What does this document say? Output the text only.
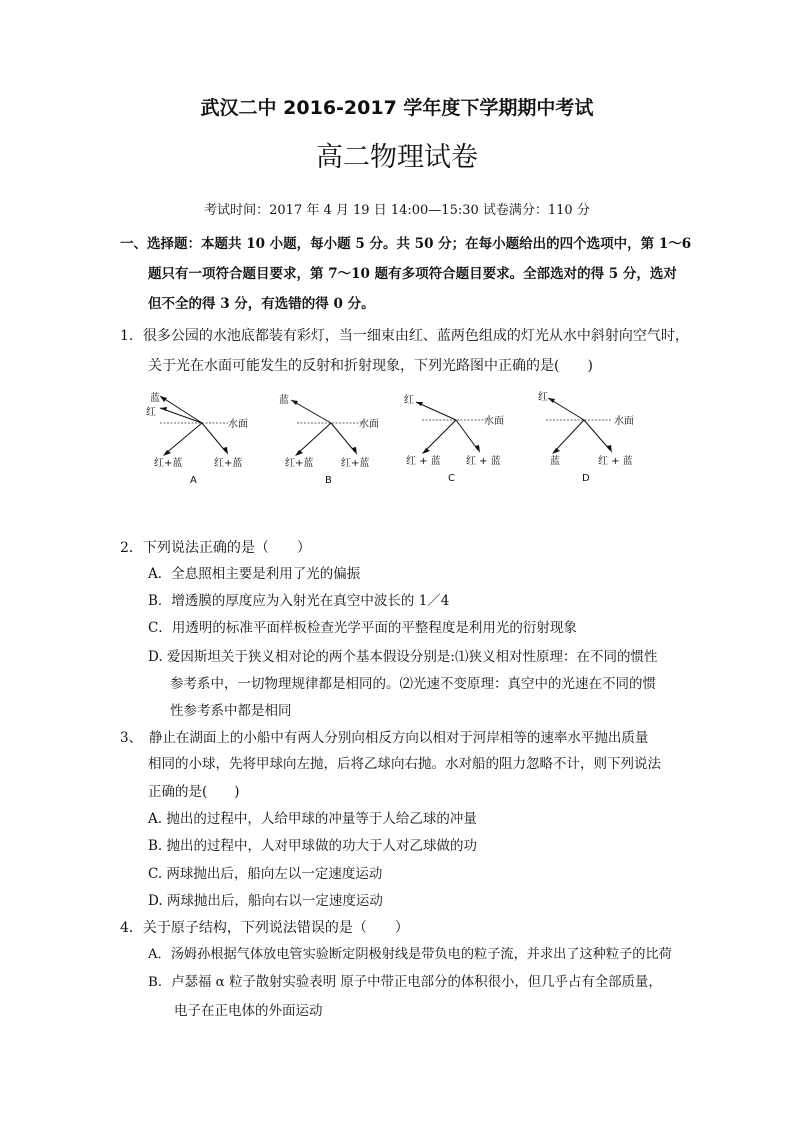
武汉二中 2016-2017 学年度下学期期中考试
高二物理试卷
考试时间：2017 年 4 月 19 日 14:00—15:30 试卷满分：110 分
一、选择题：本题共 10 小题，每小题 5 分。共 50 分；在每小题给出的四个选项中，第 1～6
题只有一项符合题目要求，第 7～10 题有多项符合题目要求。全部选对的得 5 分，选对
但不全的得 3 分，有选错的得 0 分。
1．很多公园的水池底都装有彩灯，当一细束由红、蓝两色组成的灯光从水中斜射向空气时，
关于光在水面可能发生的反射和折射现象，下列光路图中正确的是(　　)
蓝
红
水面
红+蓝	红+蓝
A
蓝
水面
红+蓝	红+蓝
B
红
水面
红 + 蓝	红 + 蓝
C
红
水面
蓝	红 + 蓝
D
2．下列说法正确的是（　　）
A．全息照相主要是利用了光的偏振
B．增透膜的厚度应为入射光在真空中波长的 1／4
C．用透明的标准平面样板检查光学平面的平整程度是利用光的衍射现象
D. 爱因斯坦关于狭义相对论的两个基本假设分别是:⑴狭义相对性原理：在不同的惯性
参考系中，一切物理规律都是相同的。⑵光速不变原理：真空中的光速在不同的惯
性参考系中都是相同
3、　静止在湖面上的小船中有两人分别向相反方向以相对于河岸相等的速率水平抛出质量
相同的小球，先将甲球向左抛，后将乙球向右抛。水对船的阻力忽略不计，则下列说法
正确的是(　　)
A. 抛出的过程中，人给甲球的冲量等于人给乙球的冲量
B. 抛出的过程中，人对甲球做的功大于人对乙球做的功
C. 两球抛出后，船向左以一定速度运动
D. 两球抛出后，船向右以一定速度运动
4．关于原子结构，下列说法错误的是（　　）
A．汤姆孙根据气体放电管实验断定阴极射线是带负电的粒子流，并求出了这种粒子的比荷
B．卢瑟福 α 粒子散射实验表明 原子中带正电部分的体积很小，但几乎占有全部质量，
电子在正电体的外面运动
